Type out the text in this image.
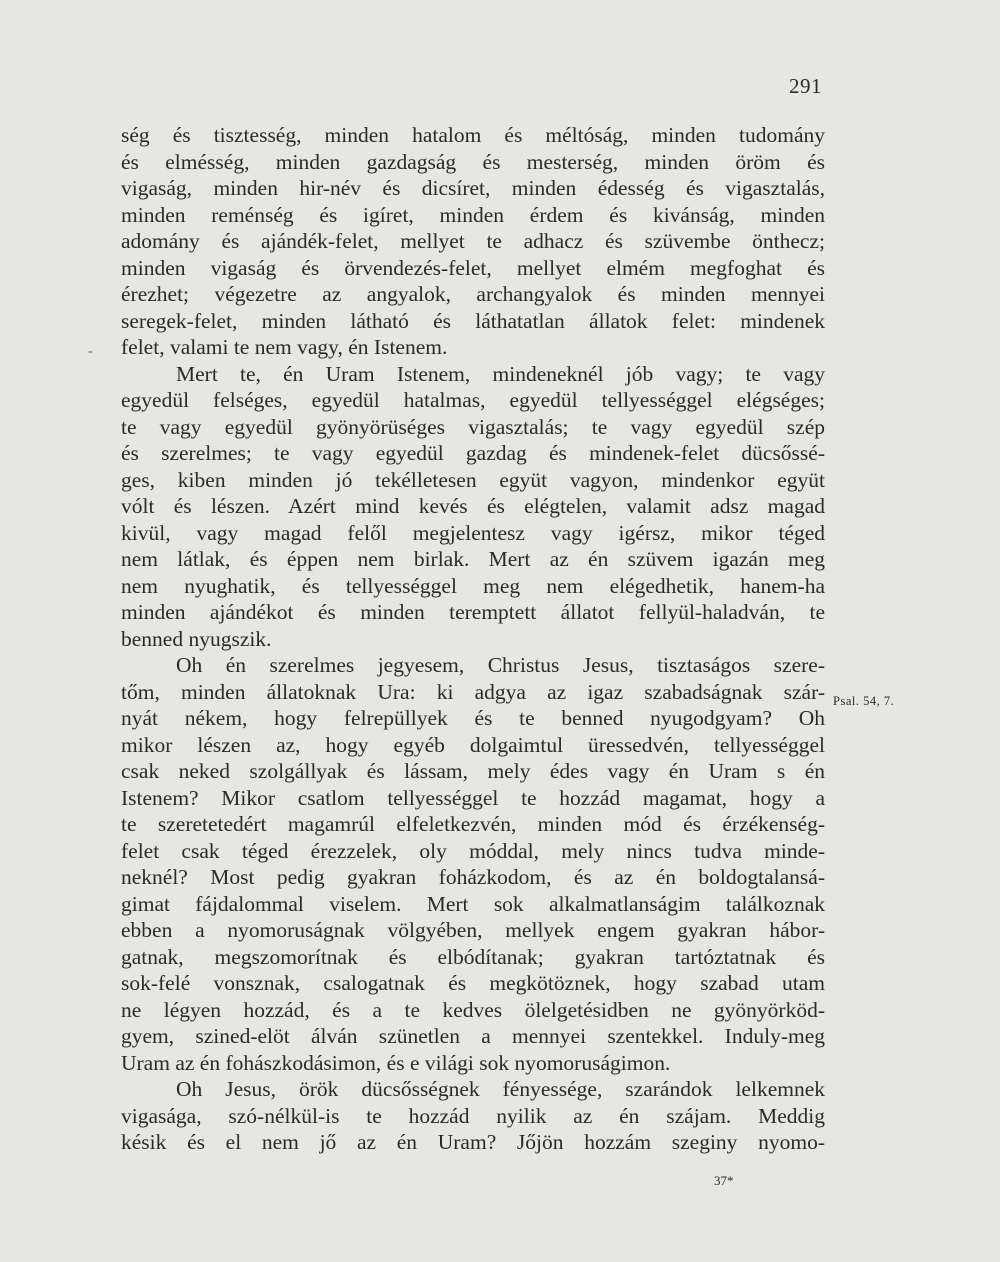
291
-
ség és tisztesség, minden hatalom és méltóság, minden tudomány
és elmésség, minden gazdagság és mesterség, minden öröm és
vigaság, minden hir-név és dicsíret, minden édesség és vigasztalás,
minden reménség és igíret, minden érdem és kivánság, minden
adomány és ajándék-felet, mellyet te adhacz és szüvembe önthecz;
minden vigaság és örvendezés-felet, mellyet elmém megfoghat és
érezhet; végezetre az angyalok, archangyalok és minden mennyei
seregek-felet, minden látható és láthatatlan állatok felet: mindenek
felet, valami te nem vagy, én Istenem.
Mert te, én Uram Istenem, mindeneknél jób vagy; te vagy
egyedül felséges, egyedül hatalmas, egyedül tellyességgel elégséges;
te vagy egyedül gyönyörüséges vigasztalás; te vagy egyedül szép
és szerelmes; te vagy egyedül gazdag és mindenek-felet dücsőssé-
ges, kiben minden jó tekélletesen együt vagyon, mindenkor együt
vólt és lészen. Azért mind kevés és elégtelen, valamit adsz magad
kivül, vagy magad felől megjelentesz vagy igérsz, mikor téged
nem látlak, és éppen nem birlak. Mert az én szüvem igazán meg
nem nyughatik, és tellyességgel meg nem elégedhetik, hanem-ha
minden ajándékot és minden teremptett állatot fellyül-haladván, te
benned nyugszik.
Oh én szerelmes jegyesem, Christus Jesus, tisztaságos szere-
tőm, minden állatoknak Ura: ki adgya az igaz szabadságnak szár-
nyát nékem, hogy felrepüllyek és te benned nyugodgyam? Oh
mikor lészen az, hogy egyéb dolgaimtul üressedvén, tellyességgel
csak neked szolgállyak és lássam, mely édes vagy én Uram s én
Istenem? Mikor csatlom tellyességgel te hozzád magamat, hogy a
te szeretetedért magamrúl elfeletkezvén, minden mód és érzékenség-
felet csak téged érezzelek, oly móddal, mely nincs tudva minde-
neknél? Most pedig gyakran foházkodom, és az én boldogtalansá-
gimat fájdalommal viselem. Mert sok alkalmatlanságim találkoznak
ebben a nyomoruságnak völgyében, mellyek engem gyakran hábor-
gatnak, megszomorítnak és elbódítanak; gyakran tartóztatnak és
sok-felé vonsznak, csalogatnak és megkötöznek, hogy szabad utam
ne légyen hozzád, és a te kedves ölelgetésidben ne gyönyörköd-
gyem, szined-elöt álván szünetlen a mennyei szentekkel. Induly-meg
Uram az én fohászkodásimon, és e világi sok nyomoruságimon.
Oh Jesus, örök dücsősségnek fényessége, szarándok lelkemnek
vigasága, szó-nélkül-is te hozzád nyilik az én szájam. Meddig
késik és el nem jő az én Uram? Jőjön hozzám szeginy nyomo-
Psal. 54, 7.
37*
